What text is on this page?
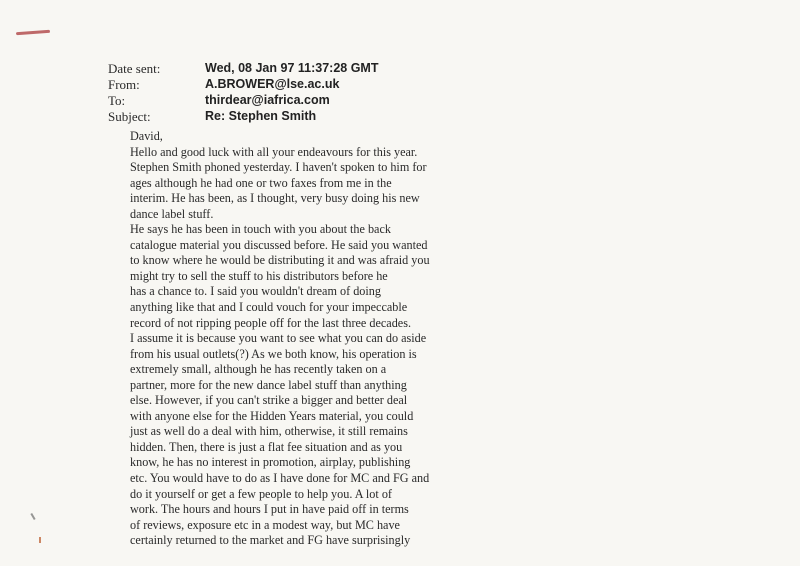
Date sent:	Wed, 08 Jan 97 11:37:28 GMT
From:	A.BROWER@lse.ac.uk
To:	thirdear@iafrica.com
Subject:	Re: Stephen Smith
David,
Hello and good luck with all your endeavours for this year.
Stephen Smith phoned yesterday. I haven't spoken to him for
ages although he had one or two faxes from me in the
interim. He has been, as I thought, very busy doing his new
dance label stuff.
He says he has been in touch with you about the back
catalogue material you discussed before. He said you wanted
to know where he would be distributing it and was afraid you
might try to sell the stuff to his distributors before he
has a chance to. I said you wouldn't dream of doing
anything like that and I could vouch for your impeccable
record of not ripping people off for the last three decades.
I assume it is because you want to see what you can do aside
from his usual outlets(?) As we both know, his operation is
extremely small, although he has recently taken on a
partner, more for the new dance label stuff than anything
else. However, if you can't strike a bigger and better deal
with anyone else for the Hidden Years material, you could
just as well do a deal with him, otherwise, it still remains
hidden. Then, there is just a flat fee situation and as you
know, he has no interest in promotion, airplay, publishing
etc. You would have to do as I have done for MC and FG and
do it yourself or get a few people to help you. A lot of
work. The hours and hours I put in have paid off in terms
of reviews, exposure etc in a modest way, but MC have
certainly returned to the market and FG have surprisingly
